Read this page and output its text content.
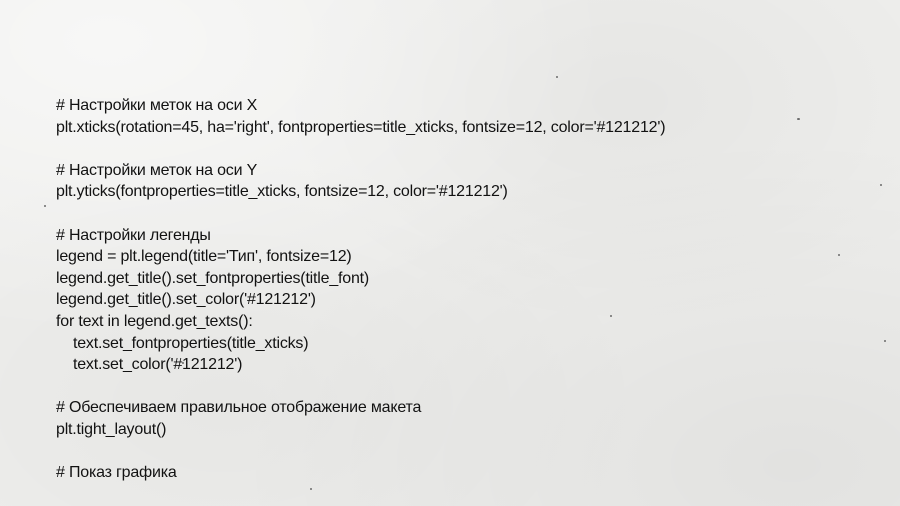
# Настройки меток на оси X
plt.xticks(rotation=45, ha='right', fontproperties=title_xticks, fontsize=12, color='#121212')
# Настройки меток на оси Y
plt.yticks(fontproperties=title_xticks, fontsize=12, color='#121212')
# Настройки легенды
legend = plt.legend(title='Тип', fontsize=12)
legend.get_title().set_fontproperties(title_font)
legend.get_title().set_color('#121212')
for text in legend.get_texts():
text.set_fontproperties(title_xticks)
text.set_color('#121212')
# Обеспечиваем правильное отображение макета
plt.tight_layout()
# Показ графика
